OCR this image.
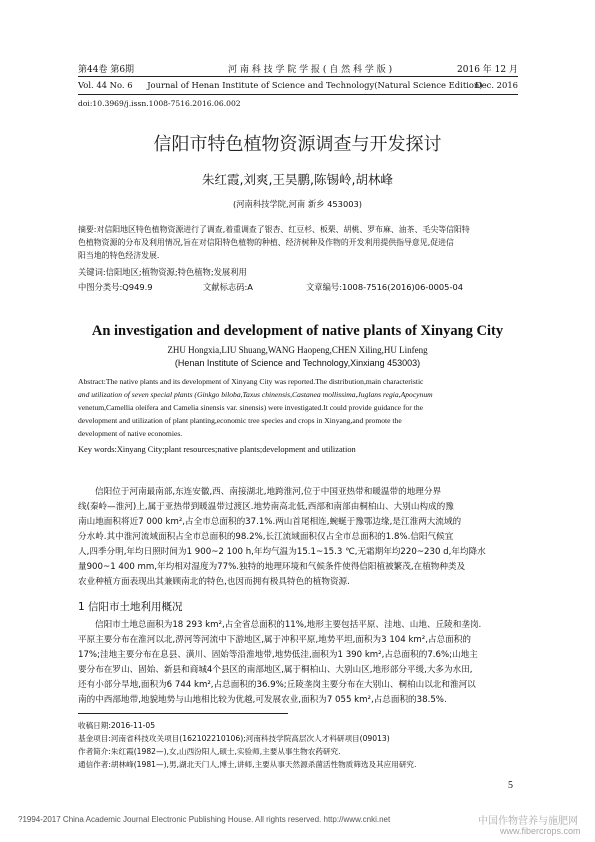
第44卷 第6期	河 南 科 技 学 院 学 报 ( 自 然 科 学 版 )	2016 年 12 月
Vol. 44 No. 6 Journal of Henan Institute of Science and Technology(Natural Science Edition)
Dec. 2016
doi:10.3969/j.issn.1008-7516.2016.06.002
信阳市特色植物资源调查与开发探讨
朱红霞,刘爽,王昊鹏,陈锡岭,胡林峰
(河南科技学院,河南 新乡 453003)
摘要:对信阳地区特色植物资源进行了调查,着重调查了银杏、红豆杉、板栗、胡桃、罗布麻、油茶、毛尖等信阳特
色植物资源的分布及利用情况,旨在对信阳特色植物的种植、经济树种及作物的开发利用提供指导意见,促进信
阳当地的特色经济发展.
关键词:信阳地区;植物资源;特色植物;发展利用
中图分类号:Q949.9	文献标志码:A	文章编号:1008-7516(2016)06-0005-04
An investigation and development of native plants of Xinyang City
ZHU Hongxia,LIU Shuang,WANG Haopeng,CHEN Xiling,HU Linfeng
(Henan Institute of Science and Technology,Xinxiang 453003)
Abstract:The native plants and its development of Xinyang City was reported.The distribution,main characteristic
and utilization of seven special plants (Ginkgo biloba,Taxus chinensis,Castanea mollissima,Juglans regia,Apocynum
venetum,Camellia oleifera and Camelia sinensis var. sinensis) were investigated.It could provide guidance for the
development and utilization of plant planting,economic tree species and crops in Xinyang,and promote the
development of native economies.
Key words:Xinyang City;plant resources;native plants;development and utilization
信阳位于河南最南部,东连安徽,西、南接湖北,地跨淮河,位于中国亚热带和暖温带的地理分界
线(秦岭—淮河)上,属于亚热带到暖温带过渡区.地势南高北低,西部和南部由桐柏山、大别山构成的豫
南山地面积将近7 000 km²,占全市总面积的37.1%.两山首尾相连,蜿蜒于豫鄂边缘,是江淮两大流域的
分水岭.其中淮河流域面积占全市总面积的98.2%,长江流域面积仅占全市总面积的1.8%.信阳气候宜
人,四季分明,年均日照时间为1 900~2 100 h,年均气温为15.1~15.3 ℃,无霜期年均220~230 d,年均降水
量900~1 400 mm,年均相对湿度为77%.独特的地理环境和气候条件使得信阳植被繁茂,在植物种类及
农业种植方面表现出其兼顾南北的特色,也因而拥有极具特色的植物资源.
1 信阳市土地利用概况
信阳市土地总面积为18 293 km²,占全省总面积的11%,地形主要包括平原、洼地、山地、丘陵和垄岗.
平原主要分布在淮河以北,淠河等河流中下游地区,属于冲积平原,地势平坦,面积为3 104 km²,占总面积的
17%;洼地主要分布在息县、潢川、固始等沿淮地带,地势低洼,面积为1 390 km²,占总面积的7.6%;山地主
要分布在罗山、固始、新县和商城4个县区的南部地区,属于桐柏山、大别山区,地形部分平缓,大多为水田,
还有小部分旱地,面积为6 744 km²,占总面积的36.9%;丘陵垄岗主要分布在大别山、桐柏山以北和淮河以
南的中西部地带,地貌地势与山地相比较为优越,可发展农业,面积为7 055 km²,占总面积的38.5%.
收稿日期:2016-11-05
基金项目:河南省科技攻关项目(162102210106);河南科技学院高层次人才科研项目(09013)
作者简介:朱红霞(1982—),女,山西汾阳人,硕士,实验师,主要从事生物农药研究.
通信作者:胡林峰(1981—),男,湖北天门人,博士,讲师,主要从事天然源杀菌活性物质筛选及其应用研究.
5
?1994-2017 China Academic Journal Electronic Publishing House. All rights reserved. http://www.cnki.net	中国作物营养与施肥网
www.fibercrops.com
